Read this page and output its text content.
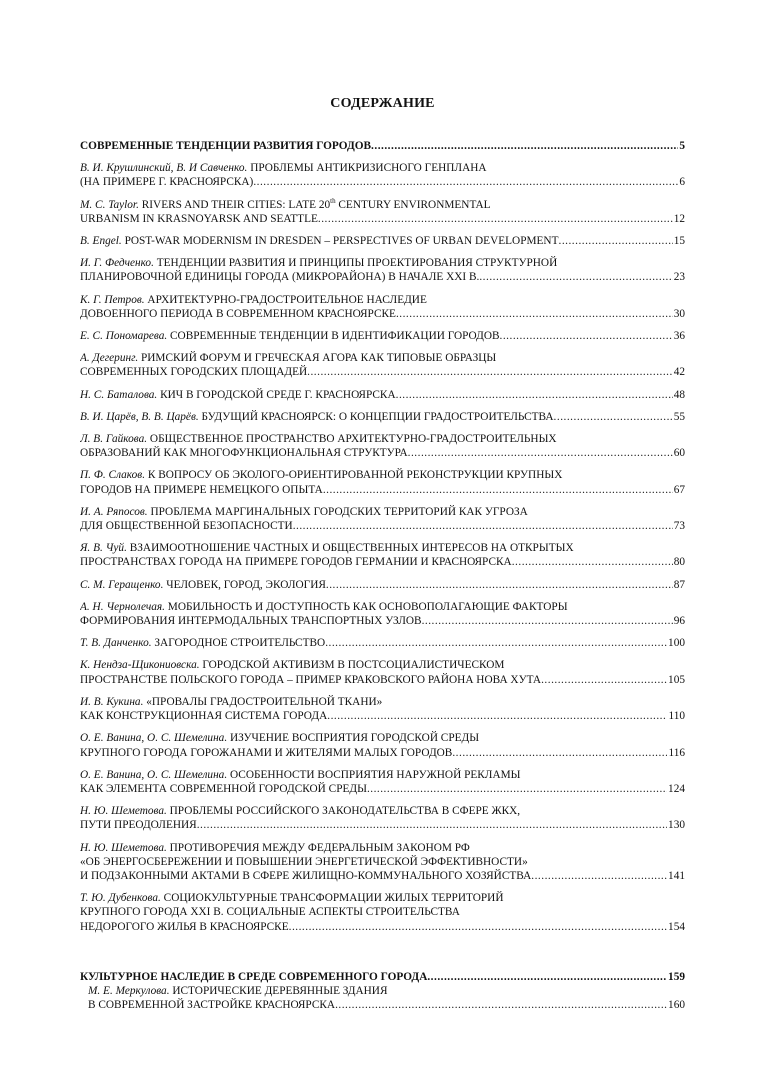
СОДЕРЖАНИЕ
СОВРЕМЕННЫЕ ТЕНДЕНЦИИ РАЗВИТИЯ ГОРОДОВ .....	5
В. И. Крушлинский, В. И Савченко. ПРОБЛЕМЫ АНТИКРИЗИСНОГО ГЕНПЛАНА
(НА ПРИМЕРЕ Г. КРАСНОЯРСКА) .....	6
M. C. Taylor. RIVERS AND THEIR CITIES: LATE 20th CENTURY ENVIRONMENTAL
URBANISM IN KRASNOYARSK AND SEATTLE .....	12
B. Engel. POST-WAR MODERNISM IN DRESDEN – PERSPECTIVES OF URBAN DEVELOPMENT .....	15
И. Г. Федченко. ТЕНДЕНЦИИ РАЗВИТИЯ И ПРИНЦИПЫ ПРОЕКТИРОВАНИЯ СТРУКТУРНОЙ
ПЛАНИРОВОЧНОЙ ЕДИНИЦЫ ГОРОДА (МИКРОРАЙОНА) В НАЧАЛЕ XXI В. .....	23
К. Г. Петров. АРХИТЕКТУРНО-ГРАДОСТРОИТЕЛЬНОЕ НАСЛЕДИЕ
ДОВОЕННОГО ПЕРИОДА В СОВРЕМЕННОМ КРАСНОЯРСКЕ .....	30
Е. С. Пономарева. СОВРЕМЕННЫЕ ТЕНДЕНЦИИ В ИДЕНТИФИКАЦИИ ГОРОДОВ .....	36
А. Дегеринг. РИМСКИЙ ФОРУМ И ГРЕЧЕСКАЯ АГОРА КАК ТИПОВЫЕ ОБРАЗЦЫ
СОВРЕМЕННЫХ ГОРОДСКИХ ПЛОЩАДЕЙ .....	42
Н. С. Баталова. КИЧ В ГОРОДСКОЙ СРЕДЕ Г. КРАСНОЯРСКА .....	48
В. И. Царёв, В. В. Царёв. БУДУЩИЙ КРАСНОЯРСК: О КОНЦЕПЦИИ ГРАДОСТРОИТЕЛЬСТВА .....	55
Л. В. Гайкова. ОБЩЕСТВЕННОЕ ПРОСТРАНСТВО АРХИТЕКТУРНО-ГРАДОСТРОИТЕЛЬНЫХ
ОБРАЗОВАНИЙ КАК МНОГОФУНКЦИОНАЛЬНАЯ СТРУКТУРА .....	60
П. Ф. Слаков. К ВОПРОСУ ОБ ЭКОЛОГО-ОРИЕНТИРОВАННОЙ РЕКОНСТРУКЦИИ КРУПНЫХ
ГОРОДОВ НА ПРИМЕРЕ НЕМЕЦКОГО ОПЫТА .....	67
И. А. Ряпосов. ПРОБЛЕМА МАРГИНАЛЬНЫХ ГОРОДСКИХ ТЕРРИТОРИЙ КАК УГРОЗА
ДЛЯ ОБЩЕСТВЕННОЙ БЕЗОПАСНОСТИ .....	73
Я. В. Чуй. ВЗАИМООТНОШЕНИЕ ЧАСТНЫХ И ОБЩЕСТВЕННЫХ ИНТЕРЕСОВ НА ОТКРЫТЫХ
ПРОСТРАНСТВАХ ГОРОДА НА ПРИМЕРЕ ГОРОДОВ ГЕРМАНИИ И КРАСНОЯРСКА .....	80
С. М. Геращенко. ЧЕЛОВЕК, ГОРОД, ЭКОЛОГИЯ .....	87
А. Н. Чернолечая. МОБИЛЬНОСТЬ И ДОСТУПНОСТЬ КАК ОСНОВОПОЛАГАЮЩИЕ ФАКТОРЫ
ФОРМИРОВАНИЯ ИНТЕРМОДАЛЬНЫХ ТРАНСПОРТНЫХ УЗЛОВ .....	96
Т. В. Данченко. ЗАГОРОДНОЕ СТРОИТЕЛЬСТВО .....	100
К. Нендза-Щикониовска. ГОРОДСКОЙ АКТИВИЗМ В ПОСТСОЦИАЛИСТИЧЕСКОМ
ПРОСТРАНСТВЕ ПОЛЬСКОГО ГОРОДА – ПРИМЕР КРАКОВСКОГО РАЙОНА НОВА ХУТА .....	105
И. В. Кукина. «ПРОВАЛЫ ГРАДОСТРОИТЕЛЬНОЙ ТКАНИ»
КАК КОНСТРУКЦИОННАЯ СИСТЕМА ГОРОДА .....	110
О. Е. Ванина, О. С. Шемелина. ИЗУЧЕНИЕ ВОСПРИЯТИЯ ГОРОДСКОЙ СРЕДЫ
КРУПНОГО ГОРОДА ГОРОЖАНАМИ И ЖИТЕЛЯМИ МАЛЫХ ГОРОДОВ .....	116
О. Е. Ванина, О. С. Шемелина. ОСОБЕННОСТИ ВОСПРИЯТИЯ НАРУЖНОЙ РЕКЛАМЫ
КАК ЭЛЕМЕНТА СОВРЕМЕННОЙ ГОРОДСКОЙ СРЕДЫ .....	124
Н. Ю. Шеметова. ПРОБЛЕМЫ РОССИЙСКОГО ЗАКОНОДАТЕЛЬСТВА В СФЕРЕ ЖКХ,
ПУТИ ПРЕОДОЛЕНИЯ .....	130
Н. Ю. Шеметова. ПРОТИВОРЕЧИЯ МЕЖДУ ФЕДЕРАЛЬНЫМ ЗАКОНОМ РФ
«ОБ ЭНЕРГОСБЕРЕЖЕНИИ И ПОВЫШЕНИИ ЭНЕРГЕТИЧЕСКОЙ ЭФФЕКТИВНОСТИ»
И ПОДЗАКОННЫМИ АКТАМИ В СФЕРЕ ЖИЛИЩНО-КОММУНАЛЬНОГО ХОЗЯЙСТВА .....	141
Т. Ю. Дубенкова. СОЦИОКУЛЬТУРНЫЕ ТРАНСФОРМАЦИИ ЖИЛЫХ ТЕРРИТОРИЙ
КРУПНОГО ГОРОДА XXI В. СОЦИАЛЬНЫЕ АСПЕКТЫ СТРОИТЕЛЬСТВА
НЕДОРОГОГО ЖИЛЬЯ В КРАСНОЯРСКЕ .....	154
КУЛЬТУРНОЕ НАСЛЕДИЕ В СРЕДЕ СОВРЕМЕННОГО ГОРОДА .....	159
М. Е. Меркулова. ИСТОРИЧЕСКИЕ ДЕРЕВЯННЫЕ ЗДАНИЯ
В СОВРЕМЕННОЙ ЗАСТРОЙКЕ КРАСНОЯРСКА .....	160
